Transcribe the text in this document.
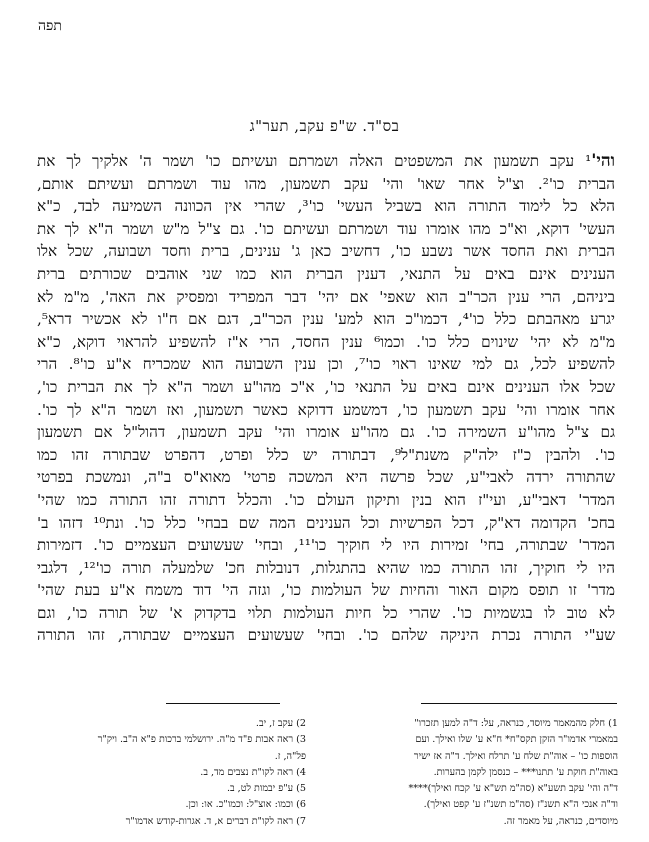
תפה
בס"ד. ש"פ עקב, תער"ג
והי'¹ עקב תשמעון את המשפטים האלה ושמרתם ועשיתם כו' ושמר ה' אלקיך לך את
הברית כו'². וצ"ל אחר שאו' והי' עקב תשמעון, מהו עוד ושמרתם ועשיתם אותם,
הלא כל לימוד התורה הוא בשביל העשי' כו'³, שהרי אין הכוונה השמיעה לבד, כ"א
העשי' דוקא, וא"כ מהו אומרו עוד ושמרתם ועשיתם כו'. גם צ"ל מ"ש ושמר ה"א לך את
הברית ואת החסד אשר נשבע כו', דחשיב כאן ג' ענינים, ברית וחסד ושבועה, שכל אלו
הענינים אינם באים על התנאי, דענין הברית הוא כמו שני אוהבים שכורתים ברית
ביניהם, הרי ענין הכר"ב הוא שאפי' אם יהי' דבר המפריד ומפסיק את האה', מ"מ לא
יגרע מאהבתם כלל כו'⁴, דכמו"כ הוא למע' ענין הכר"ב, דגם אם ח"ו לא אכשיר דרא⁵,
מ"מ לא יהי' שינוים כלל כו'. וכמו⁶ ענין החסד, הרי א"ז להשפיע להראוי דוקא, כ"א
להשפיע לכל, גם למי שאינו ראוי כו'⁷, וכן ענין השבועה הוא שמכריח א"ע כו'⁸. הרי
שכל אלו הענינים אינם באים על התנאי כו', א"כ מהו"ע ושמר ה"א לך את הברית כו',
אחר אומרו והי' עקב תשמעון כו', דמשמע דדוקא כאשר תשמעון, ואז ושמר ה"א לך כו'.
גם צ"ל מהו"ע השמירה כו'. גם מהו"ע אומרו והי' עקב תשמעון, דהול"ל אם תשמעון
כו'. ולהבין כ"ז ילה"ק משנת"ל⁹, דבתורה יש כלל ופרט, דהפרט שבתורה זהו כמו
שהתורה ירדה לאבי"ע, שכל פרשה היא המשכה פרטי' מאוא"ס ב"ה, ונמשכת בפרטי
המדר' דאבי"ע, ועי"ז הוא בנין ותיקון העולם כו'. והכלל דתורה זהו התורה כמו שהי'
בחכ' הקדומה דא"ק, דכל הפרשיות וכל הענינים המה שם בבחי' כלל כו'. ונת¹⁰ דזהו ב'
המדר' שבתורה, בחי' זמירות היו לי חוקיך כו'¹¹, ובחי' שעשועים העצמיים כו'. דזמירות
היו לי חוקיך, זהו התורה כמו שהיא בהתגלות, דנובלות חכ' שלמעלה תורה כו'¹², דלגבי
מדר' זו תופס מקום האור והחיות של העולמות כו', וגזה הי' דוד משמח א"ע בעת שהי'
לא טוב לו בגשמיות כו'. שהרי כל חיות העולמות תלוי בדקדוק א' של תורה כו', וגם
שע"י התורה נכרת היניקה שלהם כו'. ובחי' שעשועים העצמיים שבתורה, זהו התורה
1) חלק מהמאמר מיוסד, כנראה, על: ד"ה למען תזכרו"
במאמרי אדמו"ר הזקן תקס"ח* ח"א ע' שלו ואילך. ועם
הוספות כו' – אוה"ת שלח ע' תרלח ואילך. ד"ה אז ישיר
באוה"ת חוקת ע' תתנו*** – כנסמן לקמן בהערות.
ד"ה והי' עקב תשע"א (סה"מ תש"א ע' קכח ואילך)****
וד"ה אנכי ה"א תשנ"ז (סה"מ תשנ"ז ע' קפט ואילך).
מיוסדים, כנראה, על מאמר זה.
2) עקב ז, יב.
3) ראה אבות פ"ד מ"ה. ירושלמי ברכות פ"א ה"ב. ויק"ר
פל"ה, ז.
4) ראה לקו"ת נצבים מד, ב.
5) ע"פ יבמות לט, ב.
6) וכמו: אוצ"ל: וכמו"כ. או: וכן.
7) ראה לקו"ת דברים א, ד. אגרות-קודש אדמו"ר
